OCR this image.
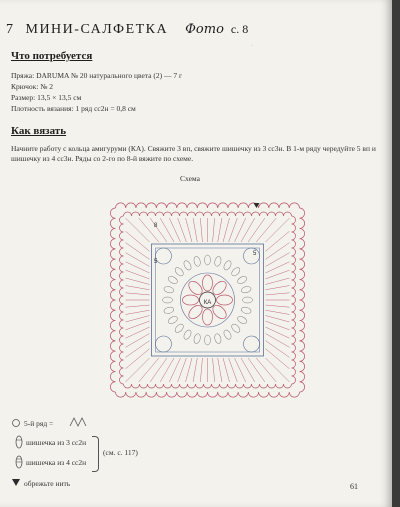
·
7 МИНИ-САЛФЕТКА Фото с. 8
Что потребуется
Пряжа: DARUMA № 20 натурального цвета (2) — 7 г
Крючок: № 2
Размер: 13,5 × 13,5 см
Плотность вязания: 1 ряд сс2н = 0,8 см
Как вязать
Начните работу с кольца амигуруми (КА). Свяжите 3 вп, свяжите шишечку из 3 сс3н. В 1-м ряду чередуйте 5 вп и шишечку из 4 сс3н. Ряды со 2-го по 8-й вяжите по схеме.
Схема
5
8
5
КА
5-й ряд =
шишечка из 3 сс2н
шишечка из 4 сс2н
(см. с. 117)
обрежьте нить	61
